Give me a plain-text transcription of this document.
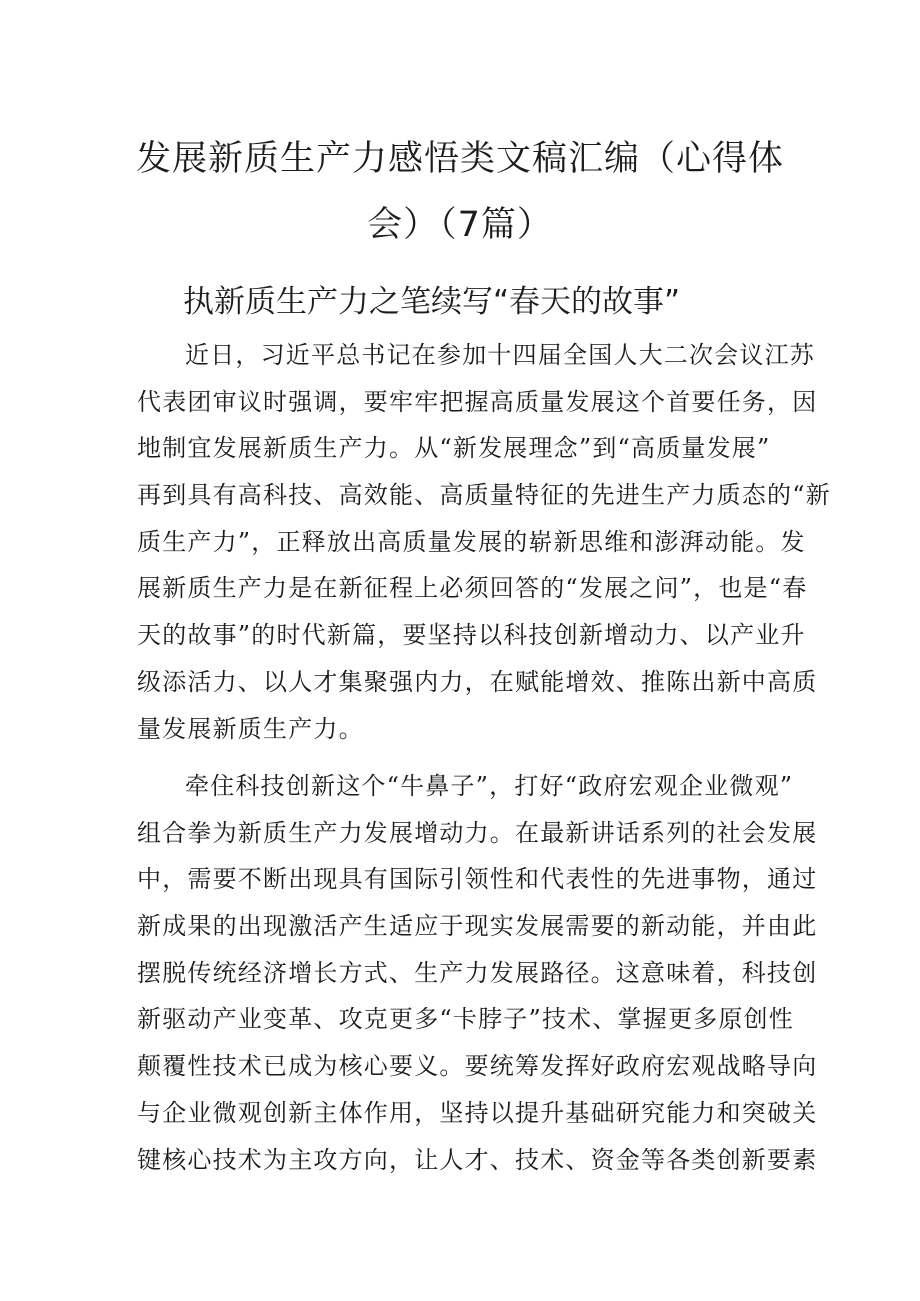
发展新质生产力感悟类文稿汇编（心得体
会）（7篇）
执新质生产力之笔续写“春天的故事”
近日，习近平总书记在参加十四届全国人大二次会议江苏
代表团审议时强调，要牢牢把握高质量发展这个首要任务，因
地制宜发展新质生产力。从“新发展理念”到“高质量发展”
再到具有高科技、高效能、高质量特征的先进生产力质态的“新
质生产力”，正释放出高质量发展的崭新思维和澎湃动能。发
展新质生产力是在新征程上必须回答的“发展之问”，也是“春
天的故事”的时代新篇，要坚持以科技创新增动力、以产业升
级添活力、以人才集聚强内力，在赋能增效、推陈出新中高质
量发展新质生产力。
牵住科技创新这个“牛鼻子”，打好“政府宏观企业微观”
组合拳为新质生产力发展增动力。在最新讲话系列的社会发展
中，需要不断出现具有国际引领性和代表性的先进事物，通过
新成果的出现激活产生适应于现实发展需要的新动能，并由此
摆脱传统经济增长方式、生产力发展路径。这意味着，科技创
新驱动产业变革、攻克更多“卡脖子”技术、掌握更多原创性
颠覆性技术已成为核心要义。要统筹发挥好政府宏观战略导向
与企业微观创新主体作用，坚持以提升基础研究能力和突破关
键核心技术为主攻方向，让人才、技术、资金等各类创新要素
